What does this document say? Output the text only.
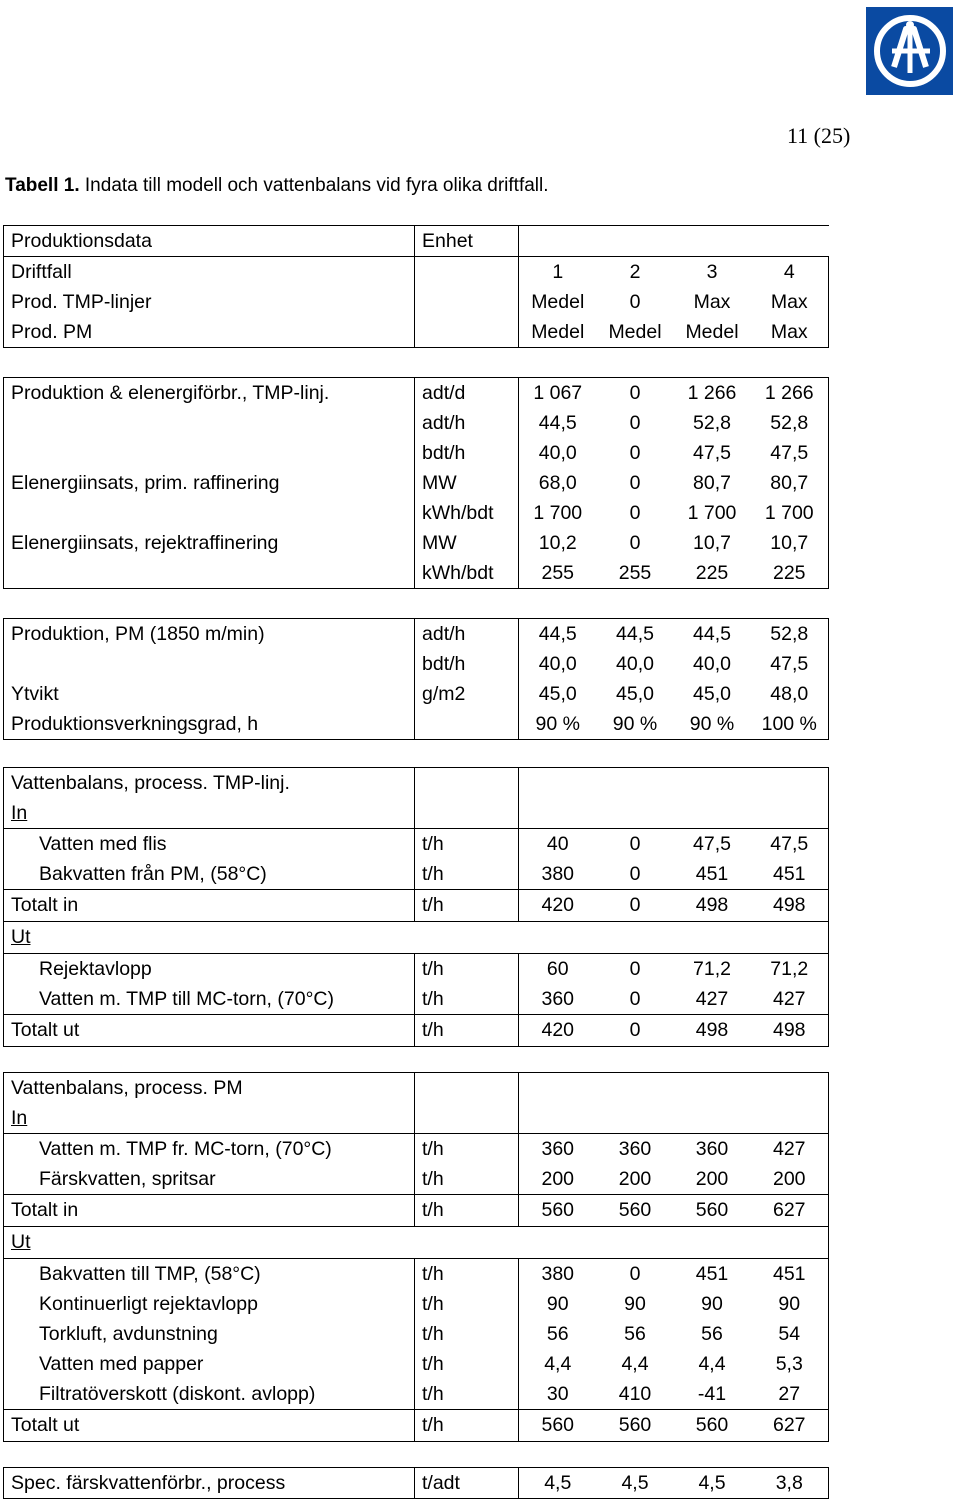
11 (25)
Tabell 1. Indata till modell och vattenbalans vid fyra olika driftfall.
Produktionsdata	Enhet				
Driftfall		1	2	3	4
Prod. TMP-linjer		Medel	0	Max	Max
Prod. PM		Medel	Medel	Medel	Max
Produktion & elenergiförbr., TMP-linj.	adt/d	1 067	0	1 266	1 266
	adt/h	44,5	0	52,8	52,8
	bdt/h	40,0	0	47,5	47,5
Elenergiinsats, prim. raffinering	MW	68,0	0	80,7	80,7
	kWh/bdt	1 700	0	1 700	1 700
Elenergiinsats, rejektraffinering	MW	10,2	0	10,7	10,7
	kWh/bdt	255	255	225	225
Produktion, PM (1850 m/min)	adt/h	44,5	44,5	44,5	52,8
	bdt/h	40,0	40,0	40,0	47,5
Ytvikt	g/m2	45,0	45,0	45,0	48,0
Produktionsverkningsgrad, h		90 %	90 %	90 %	100 %
Vattenbalans, process. TMP-linj.					
In					
Vatten med flis	t/h	40	0	47,5	47,5
Bakvatten från PM, (58°C)	t/h	380	0	451	451
Totalt in	t/h	420	0	498	498
Ut					
Rejektavlopp	t/h	60	0	71,2	71,2
Vatten m. TMP till MC-torn, (70°C)	t/h	360	0	427	427
Totalt ut	t/h	420	0	498	498
Vattenbalans, process. PM					
In					
Vatten m. TMP fr. MC-torn, (70°C)	t/h	360	360	360	427
Färskvatten, spritsar	t/h	200	200	200	200
Totalt in	t/h	560	560	560	627
Ut					
Bakvatten till TMP, (58°C)	t/h	380	0	451	451
Kontinuerligt rejektavlopp	t/h	90	90	90	90
Torkluft, avdunstning	t/h	56	56	56	54
Vatten med papper	t/h	4,4	4,4	4,4	5,3
Filtratöverskott (diskont. avlopp)	t/h	30	410	-41	27
Totalt ut	t/h	560	560	560	627
Spec. färskvattenförbr., process	t/adt	4,5	4,5	4,5	3,8
